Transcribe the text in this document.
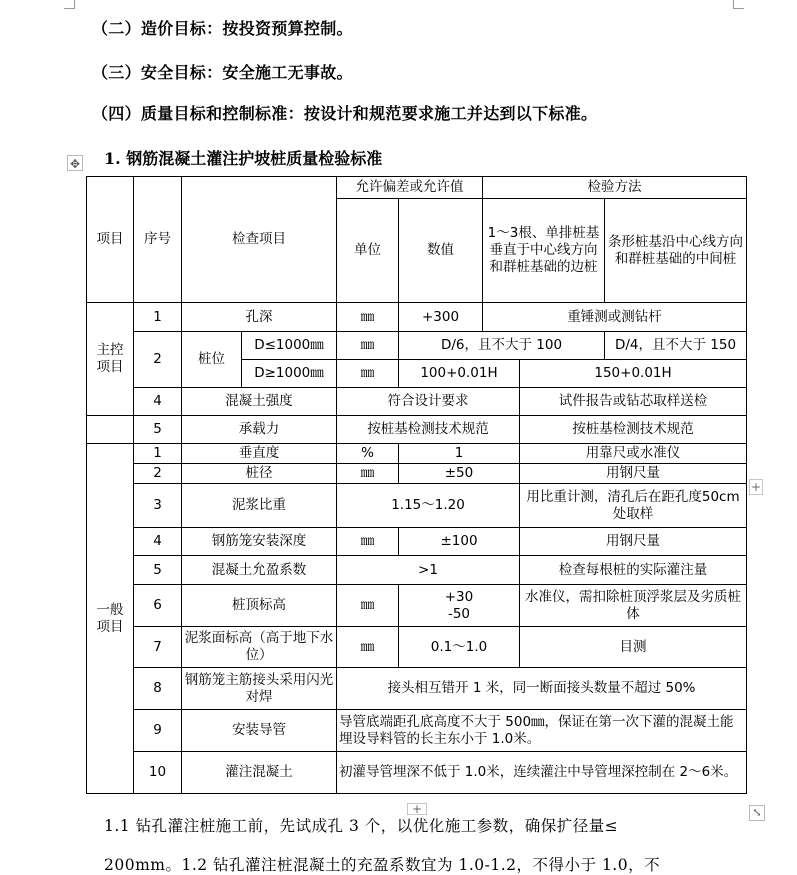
（二）造价目标：按投资预算控制。
（三）安全目标：安全施工无事故。
（四）质量目标和控制标准：按设计和规范要求施工并达到以下标准。
1. 钢筋混凝土灌注护坡桩质量检验标准
✥
项目	序号	检查项目		允许偏差或允许值		检验方法		
				单位	数值	1～3根、单排桩基垂直于中心线方向和群桩基础的边桩		条形桩基沿中心线方向和群桩基础的中间桩
主控项目	1	孔深		㎜	+300	重锤测或测钻杆		
	2	桩位	D≤1000㎜	㎜	D/6，且不大于 100			D/4，且不大于 150
			D≥1000㎜	㎜	100+0.01H		150+0.01H	
	4	混凝土强度		符合设计要求			试件报告或钻芯取样送检	
	5	承载力		按桩基检测技术规范			按桩基检测技术规范	
一般项目	1	垂直度		%	1		用靠尺或水准仪	
	2	桩径		㎜	±50		用钢尺量	
	3	泥浆比重		1.15～1.20			用比重计测，清孔后在距孔度50cm处取样	
	4	钢筋笼安装深度		㎜	±100		用钢尺量	
	5	混凝土允盈系数		>1			检查每根桩的实际灌注量	
	6	桩顶标高		㎜	+30
-50		水准仪，需扣除桩顶浮浆层及劣质桩体	
	7	泥浆面标高（高于地下水位）		㎜	0.1～1.0		目测	
	8	钢筋笼主筋接头采用闪光对焊		接头相互错开 1 米，同一断面接头数量不超过 50%				
	9	安装导管		导管底端距孔底高度不大于 500㎜，保证在第一次下灌的混凝土能埋设导料管的长主东小于 1.0米。				
	10	灌注混凝土		初灌导管埋深不低于 1.0米，连续灌注中导管埋深控制在 2～6米。				
+
+	⤡
1.1 钻孔灌注桩施工前，先试成孔 3 个，以优化施工参数，确保扩径量≤
200mm。1.2 钻孔灌注桩混凝土的充盈系数宜为 1.0-1.2，不得小于 1.0，不
